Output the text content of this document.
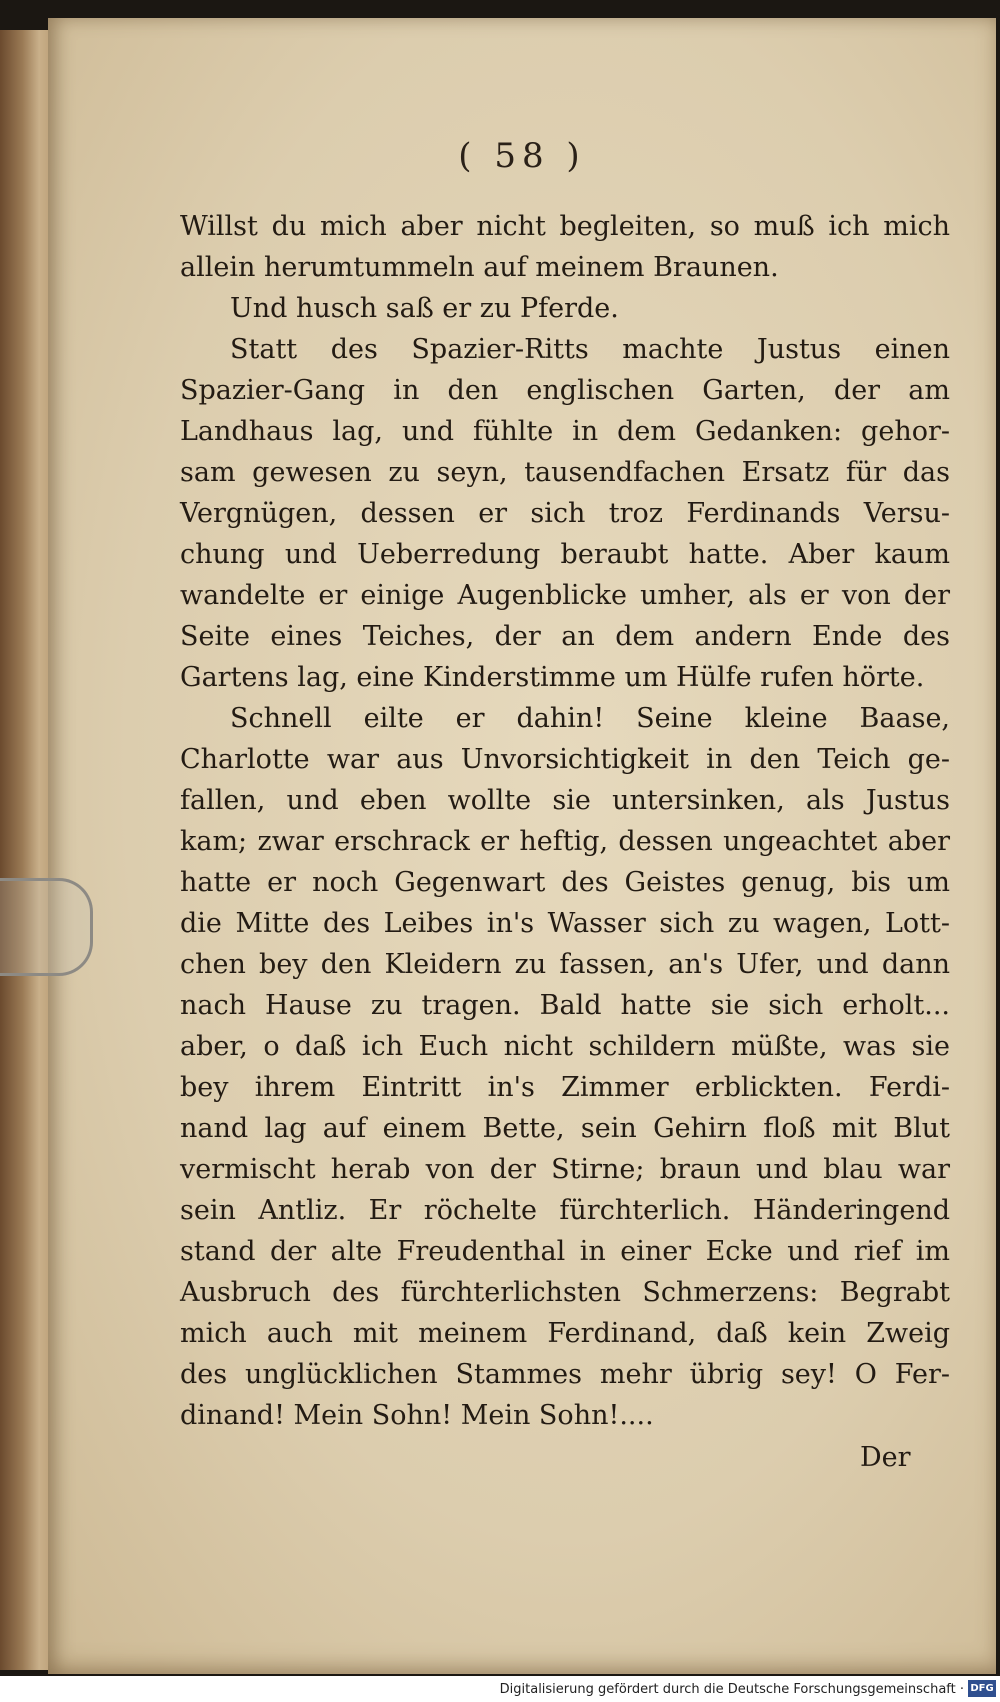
( 58 )
Willst du mich aber nicht begleiten, so muß ich mich
allein herumtummeln auf meinem Braunen.
Und husch saß er zu Pferde.
Statt des Spazier-Ritts machte Justus einen
Spazier-Gang in den englischen Garten, der am
Landhaus lag, und fühlte in dem Gedanken: gehor-
sam gewesen zu seyn, tausendfachen Ersatz für das
Vergnügen, dessen er sich troz Ferdinands Versu-
chung und Ueberredung beraubt hatte. Aber kaum
wandelte er einige Augenblicke umher, als er von der
Seite eines Teiches, der an dem andern Ende des
Gartens lag, eine Kinderstimme um Hülfe rufen hörte.
Schnell eilte er dahin! Seine kleine Baase,
Charlotte war aus Unvorsichtigkeit in den Teich ge-
fallen, und eben wollte sie untersinken, als Justus
kam; zwar erschrack er heftig, dessen ungeachtet aber
hatte er noch Gegenwart des Geistes genug, bis um
die Mitte des Leibes in's Wasser sich zu wagen, Lott-
chen bey den Kleidern zu fassen, an's Ufer, und dann
nach Hause zu tragen. Bald hatte sie sich erholt...
aber, o daß ich Euch nicht schildern müßte, was sie
bey ihrem Eintritt in's Zimmer erblickten. Ferdi-
nand lag auf einem Bette, sein Gehirn floß mit Blut
vermischt herab von der Stirne; braun und blau war
sein Antliz. Er röchelte fürchterlich. Händeringend
stand der alte Freudenthal in einer Ecke und rief im
Ausbruch des fürchterlichsten Schmerzens: Begrabt
mich auch mit meinem Ferdinand, daß kein Zweig
des unglücklichen Stammes mehr übrig sey! O Fer-
dinand! Mein Sohn! Mein Sohn!....
Der
Digitalisierung gefördert durch die Deutsche Forschungsgemeinschaft · DFG
